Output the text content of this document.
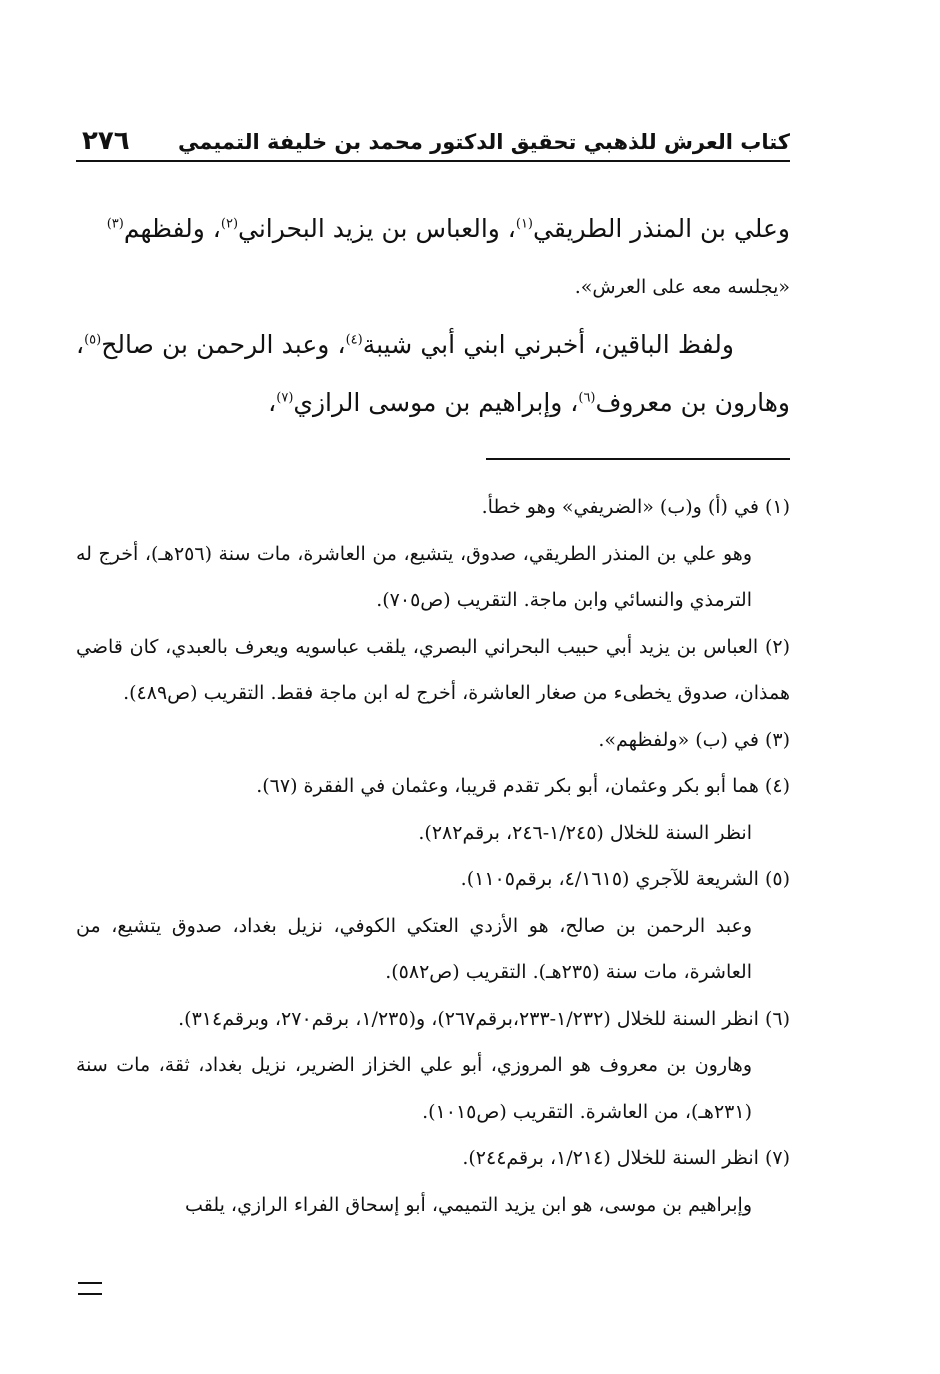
كتاب العرش للذهبي تحقيق الدكتور محمد بن خليفة التميمي
٢٧٦

وعلي بن المنذر الطريقي$^{(١)}$، والعباس بن يزيد البحراني$^{(٢)}$، ولفظهم$^{(٣)}$

«يجلسه معه على العرش».

ولفظ الباقين، أخبرني ابني أبي شيبة$^{(٤)}$، وعبد الرحمن بن صالح$^{(٥)}$، وهارون بن معروف$^{(٦)}$، وإبراهيم بن موسى الرازي$^{(٧)}$،

(١) في (أ) و(ب) «الضريفي» وهو خطأ.

وهو علي بن المنذر الطريقي، صدوق، يتشيع، من العاشرة، مات سنة (٢٥٦هـ)، أخرج له الترمذي والنسائي وابن ماجة. التقريب (ص٧٠٥).

(٢) العباس بن يزيد أبي حبيب البحراني البصري، يلقب عباسويه ويعرف بالعبدي، كان قاضي همذان، صدوق يخطىء من صغار العاشرة، أخرج له ابن ماجة فقط. التقريب (ص٤٨٩).

(٣) في (ب) «ولفظهم».

(٤) هما أبو بكر وعثمان، أبو بكر تقدم قريبا، وعثمان في الفقرة (٦٧).

انظر السنة للخلال (١/٢٤٥-٢٤٦، برقم٢٨٢).

(٥) الشريعة للآجري (٤/١٦١٥، برقم١١٠٥).

وعبد الرحمن بن صالح، هو الأزدي العتكي الكوفي، نزيل بغداد، صدوق يتشيع، من العاشرة، مات سنة (٢٣٥هـ). التقريب (ص٥٨٢).

(٦) انظر السنة للخلال (١/٢٣٢-٢٣٣،برقم٢٦٧)، و(١/٢٣٥، برقم٢٧٠، وبرقم٣١٤).

وهارون بن معروف هو المروزي، أبو علي الخزاز الضرير، نزيل بغداد، ثقة، مات سنة (٢٣١هـ)، من العاشرة. التقريب (ص١٠١٥).

(٧) انظر السنة للخلال (١/٢١٤، برقم٢٤٤).

وإبراهيم بن موسى، هو ابن يزيد التميمي، أبو إسحاق الفراء الرازي، يلقب
